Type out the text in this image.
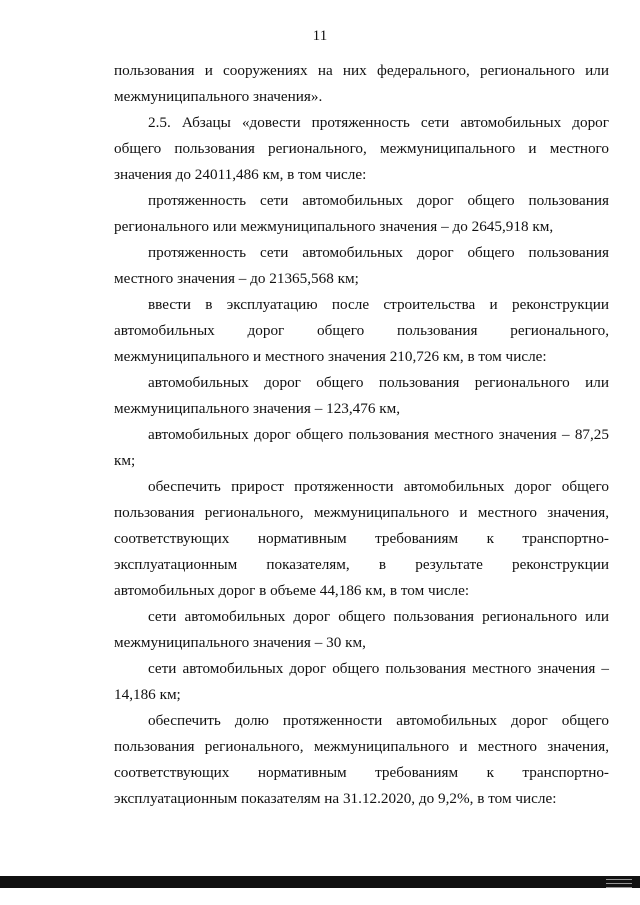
11

пользования и сооружениях на них федерального, регионального или межмуниципального значения».

2.5. Абзацы «довести протяженность сети автомобильных дорог общего пользования регионального, межмуниципального и местного значения до 24011,486 км, в том числе:

протяженность сети автомобильных дорог общего пользования регионального или межмуниципального значения – до 2645,918 км,

протяженность сети автомобильных дорог общего пользования местного значения – до 21365,568 км;

ввести в эксплуатацию после строительства и реконструкции автомобильных дорог общего пользования регионального, межмуниципального и местного значения 210,726 км, в том числе:

автомобильных дорог общего пользования регионального или межмуниципального значения – 123,476 км,

автомобильных дорог общего пользования местного значения – 87,25 км;

обеспечить прирост протяженности автомобильных дорог общего пользования регионального, межмуниципального и местного значения, соответствующих нормативным требованиям к транспортно-эксплуатационным показателям, в результате реконструкции автомобильных дорог в объеме 44,186 км, в том числе:

сети автомобильных дорог общего пользования регионального или межмуниципального значения – 30 км,

сети автомобильных дорог общего пользования местного значения – 14,186 км;

обеспечить долю протяженности автомобильных дорог общего пользования регионального, межмуниципального и местного значения, соответствующих нормативным требованиям к транспортно-эксплуатационным показателям на 31.12.2020, до 9,2%, в том числе:
